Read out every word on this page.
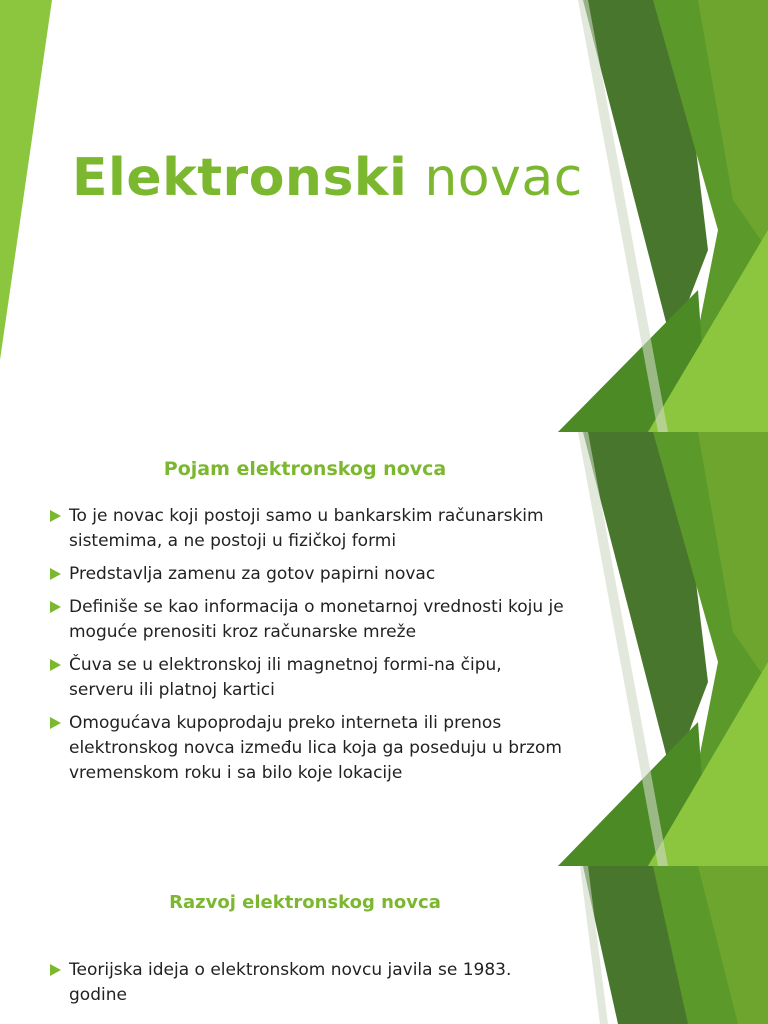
Elektronski novac
Pojam elektronskog novca
To je novac koji postoji samo u bankarskim računarskim sistemima, a ne postoji u fizičkoj formi
Predstavlja zamenu za gotov papirni novac
Definiše se kao informacija o monetarnoj vrednosti koju je moguće prenositi kroz računarske mreže
Čuva se u elektronskoj ili magnetnoj formi-na čipu, serveru ili platnoj kartici
Omogućava kupoprodaju preko interneta ili prenos elektronskog novca između lica koja ga poseduju u brzom vremenskom roku i sa bilo koje lokacije
Razvoj elektronskog novca
Teorijska ideja o elektronskom novcu javila se 1983. godine
